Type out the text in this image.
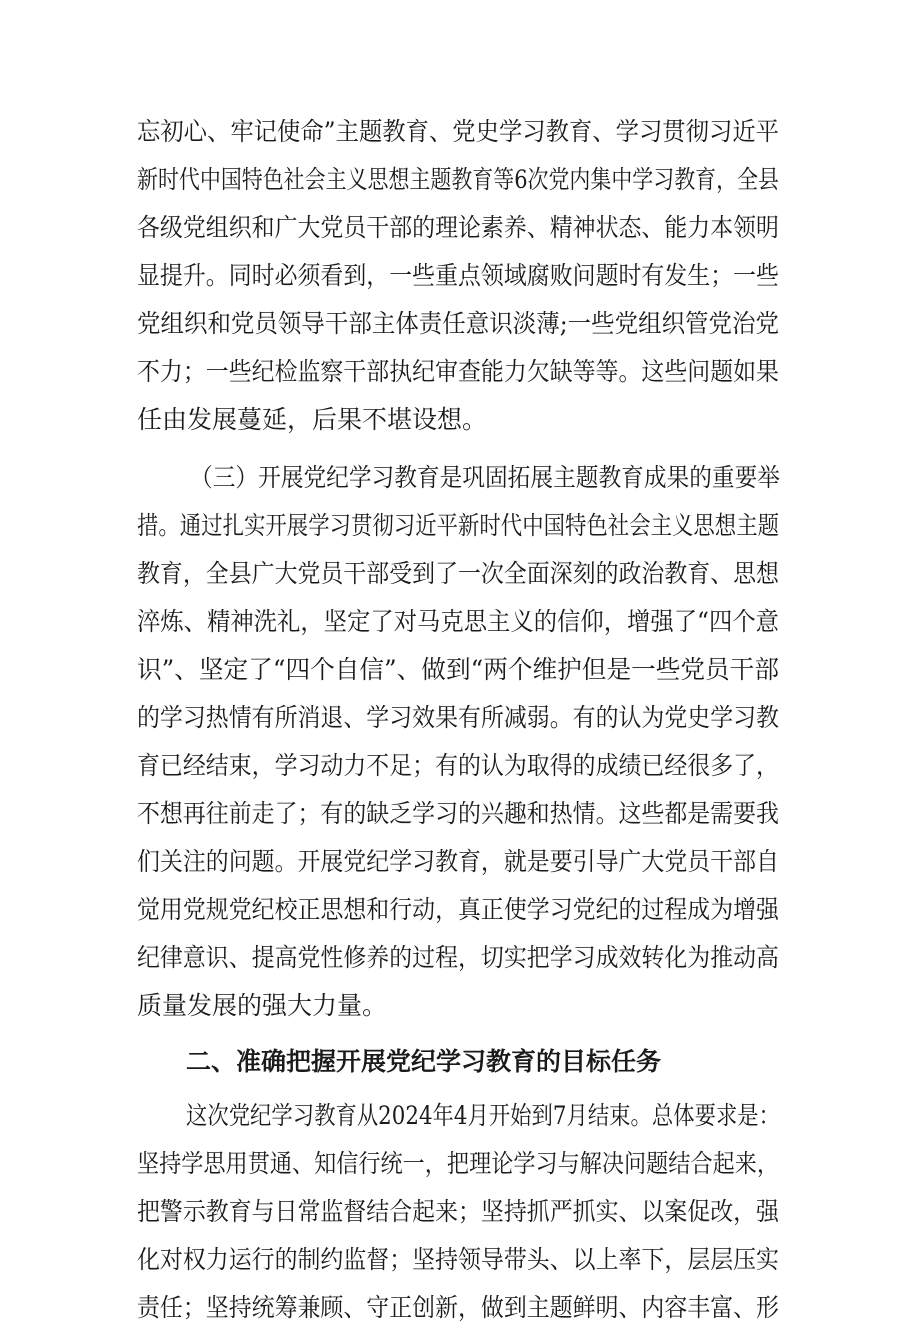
忘初心、牢记使命”主题教育、党史学习教育、学习贯彻习近平
新时代中国特色社会主义思想主题教育等6次党内集中学习教育，全县
各级党组织和广大党员干部的理论素养、精神状态、能力本领明
显提升。同时必须看到，一些重点领域腐败问题时有发生；一些
党组织和党员领导干部主体责任意识淡薄;一些党组织管党治党
不力；一些纪检监察干部执纪审查能力欠缺等等。这些问题如果
任由发展蔓延，后果不堪设想。
（三）开展党纪学习教育是巩固拓展主题教育成果的重要举
措。通过扎实开展学习贯彻习近平新时代中国特色社会主义思想主题
教育，全县广大党员干部受到了一次全面深刻的政治教育、思想
淬炼、精神洗礼，坚定了对马克思主义的信仰，增强了“四个意
识”、坚定了“四个自信”、做到“两个维护但是一些党员干部
的学习热情有所消退、学习效果有所减弱。有的认为党史学习教
育已经结束，学习动力不足；有的认为取得的成绩已经很多了，
不想再往前走了；有的缺乏学习的兴趣和热情。这些都是需要我
们关注的问题。开展党纪学习教育，就是要引导广大党员干部自
觉用党规党纪校正思想和行动，真正使学习党纪的过程成为增强
纪律意识、提高党性修养的过程，切实把学习成效转化为推动高
质量发展的强大力量。
二、准确把握开展党纪学习教育的目标任务
这次党纪学习教育从2024年4月开始到7月结束。总体要求是：
坚持学思用贯通、知信行统一，把理论学习与解决问题结合起来，
把警示教育与日常监督结合起来；坚持抓严抓实、以案促改，强
化对权力运行的制约监督；坚持领导带头、以上率下，层层压实
责任；坚持统筹兼顾、守正创新，做到主题鲜明、内容丰富、形
